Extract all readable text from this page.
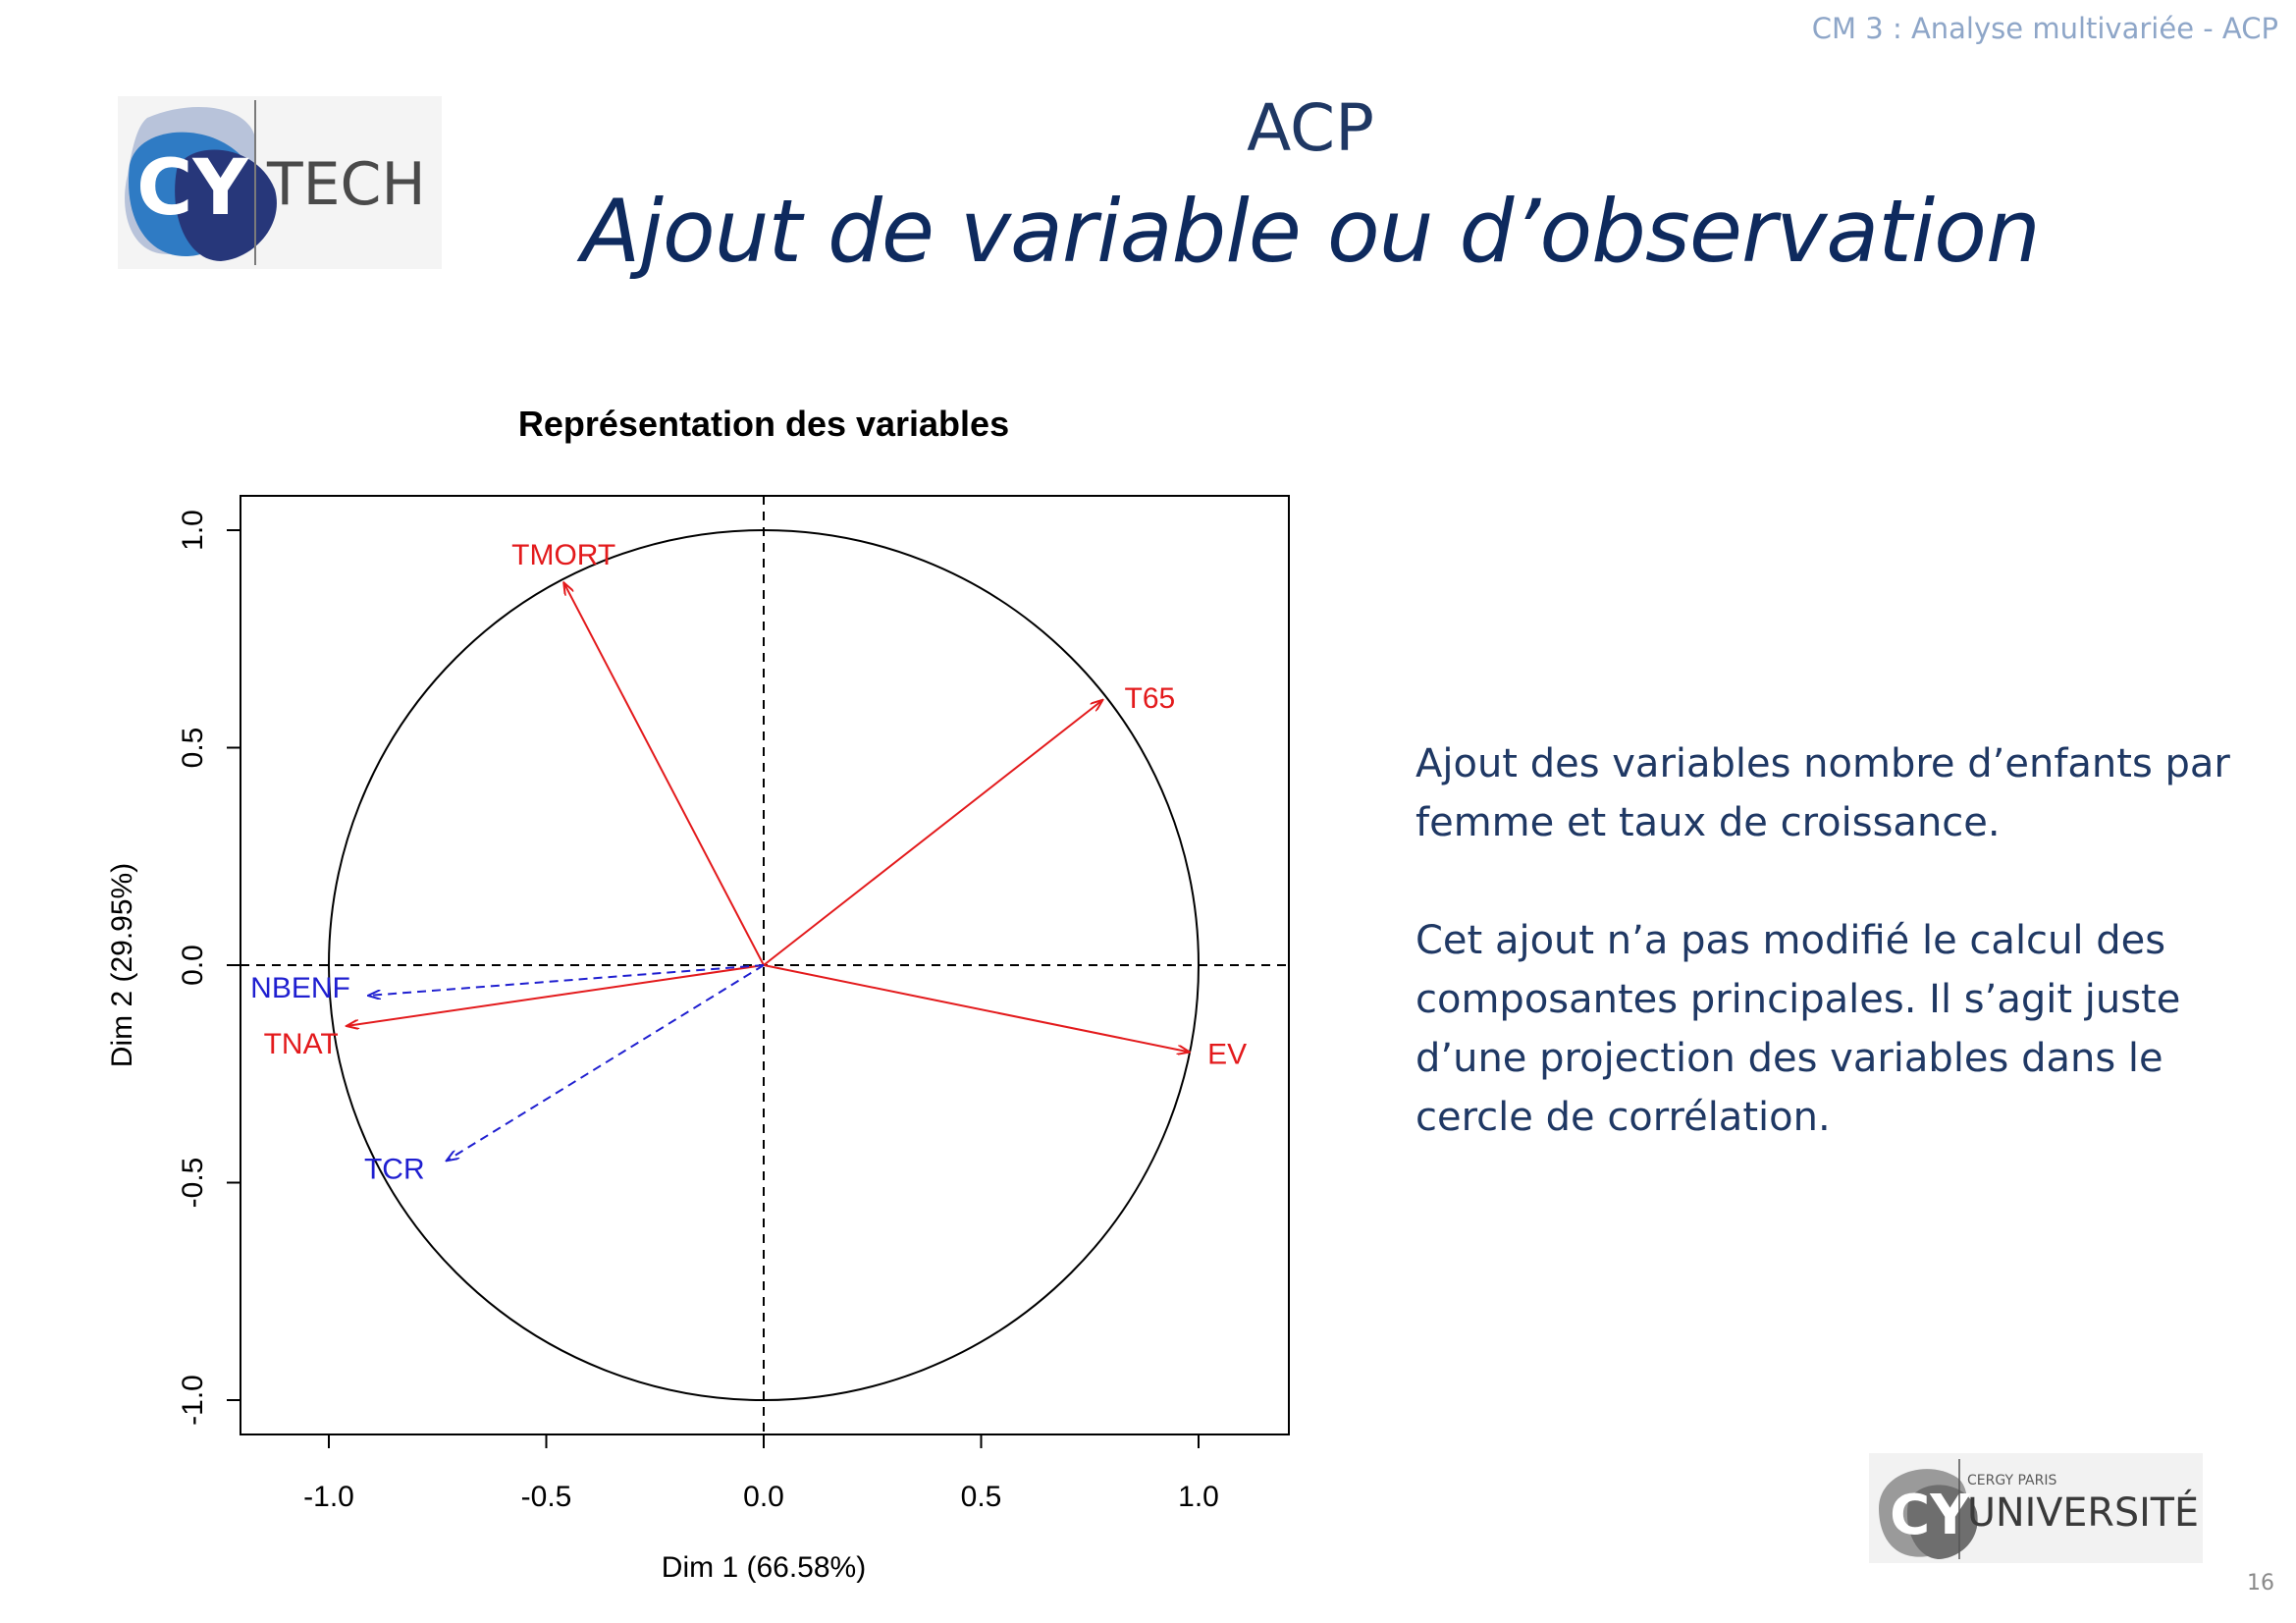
CM 3 : Analyse multivariée - ACP
CY TECH
ACP
Ajout de variable ou d’observation
Représentation des variables
-1.0	-0.5	0.0	0.5	1.0
-1.0
-0.5
0.0
0.5
1.0
TMORT
T65
TNAT	EV
NBENF
TCR
Dim 1 (66.58%)
Dim 2 (29.95%)

Ajout des variables nombre d’enfants par femme et taux de croissance.

Cet ajout n’a pas modifié le calcul des composantes principales. Il s’agit juste d’une projection des variables dans le cercle de corrélation.

CY
CERGY PARIS
UNIVERSITÉ
16
